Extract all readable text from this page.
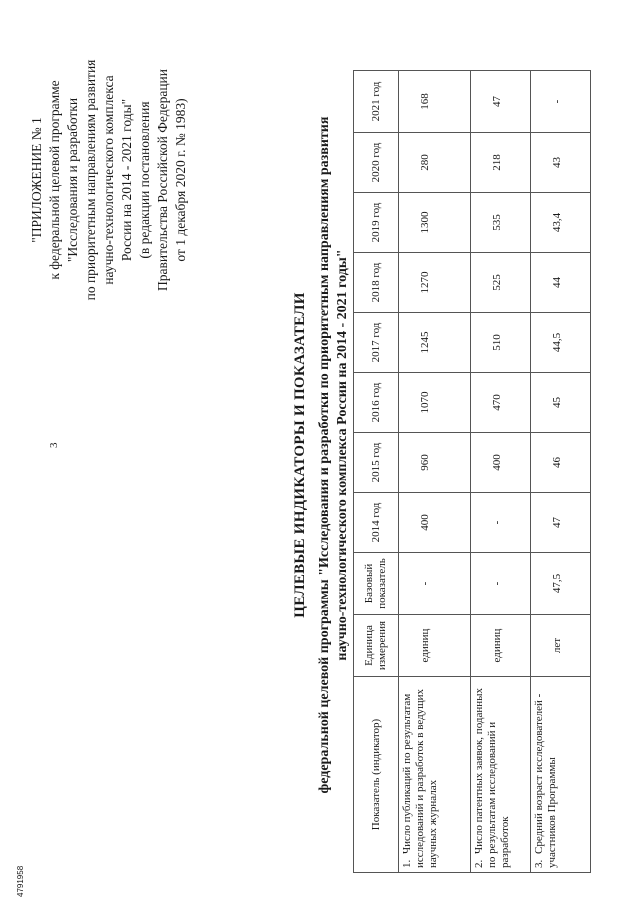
3
"ПРИЛОЖЕНИЕ № 1 к федеральной целевой программе "Исследования и разработки по приоритетным направлениям развития научно-технологического комплекса России на 2014 - 2021 годы" (в редакции постановления Правительства Российской Федерации от 1 декабря 2020 г. № 1983)
ЦЕЛЕВЫЕ ИНДИКАТОРЫ И ПОКАЗАТЕЛИ федеральной целевой программы "Исследования и разработки по приоритетным направлениям развития научно-технологического комплекса России на 2014 - 2021 годы"
Показатель (индикатор)	Единица измерения	Базовый показатель	2014 год	2015 год	2016 год	2017 год	2018 год	2019 год	2020 год	2021 год
1.Число публикаций по результатам исследований и разработок в ведущих научных журналах	единиц	-	400	960	1070	1245	1270	1300	280	168
2.Число патентных заявок, поданных по результатам исследований и разработок	единиц	-	-	400	470	510	525	535	218	47
3.Средний возраст исследователей - участников Программы	лет	47,5	47	46	45	44,5	44	43,4	43	-
4791958
